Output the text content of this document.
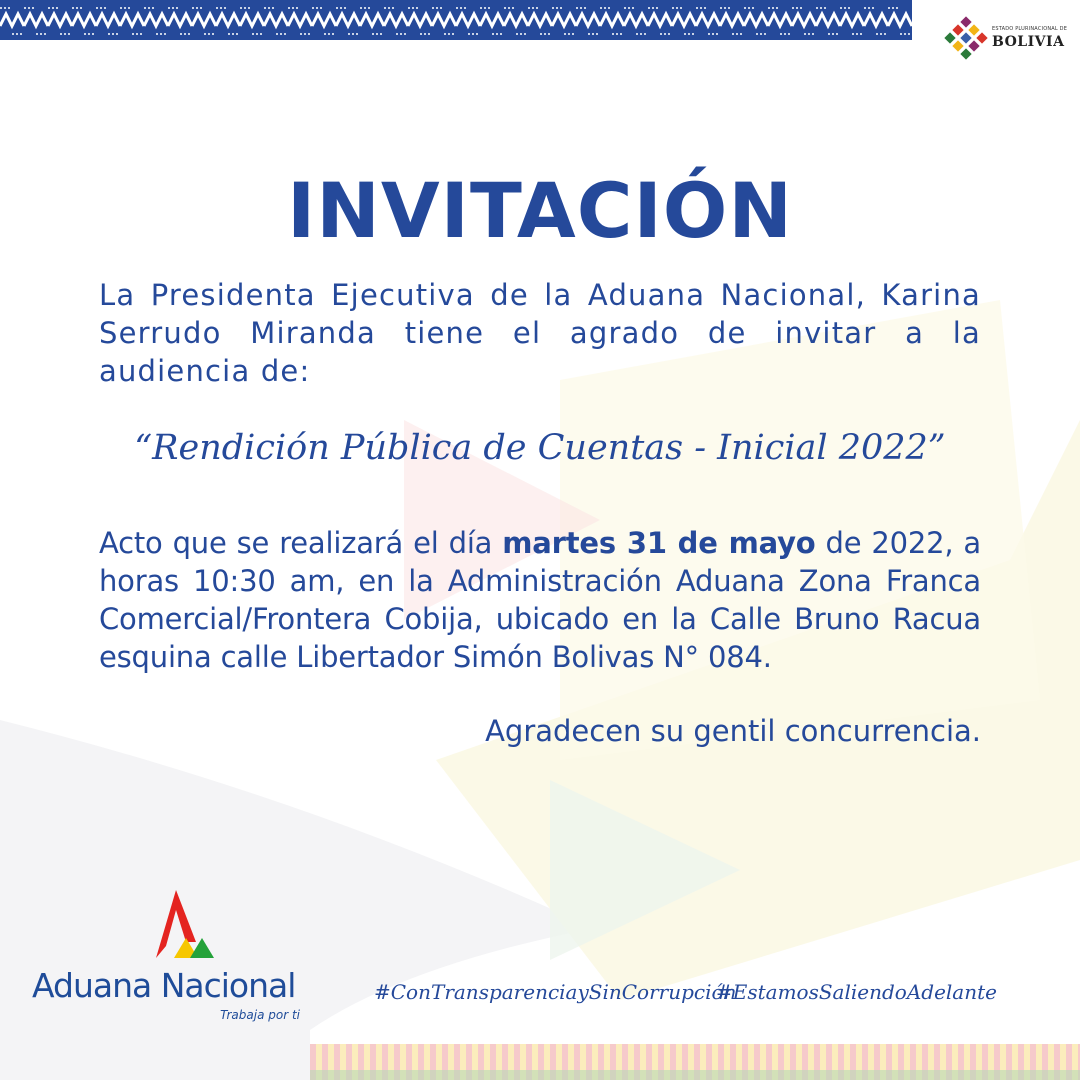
ESTADO PLURINACIONAL DE
BOLIVIA
INVITACIÓN

La Presidenta Ejecutiva de la Aduana Nacional, Karina Serrudo Miranda tiene el agrado de invitar a la audiencia de:

“Rendición Pública de Cuentas - Inicial 2022”

Acto que se realizará el día martes 31 de mayo de 2022, a horas 10:30 am, en la Administración Aduana Zona Franca Comercial/Frontera Cobija, ubicado en la Calle Bruno Racua esquina calle Libertador Simón Bolivas N° 084.

Agradecen su gentil concurrencia.

Aduana Nacional
Trabaja por ti

#ConTransparenciaySinCorrupción

#EstamosSaliendoAdelante
